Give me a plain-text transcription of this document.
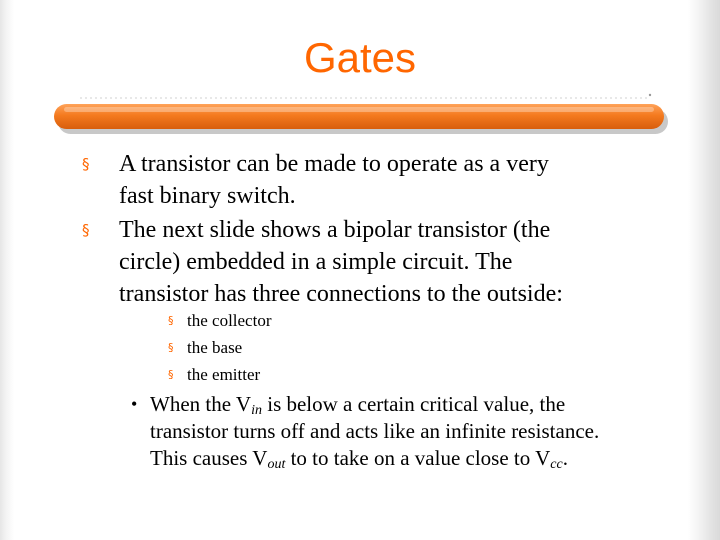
Gates
§ A transistor can be made to operate as a very
fast binary switch.
§ The next slide shows a bipolar transistor (the
circle) embedded in a simple circuit. The
transistor has three connections to the outside:
§ the collector
§ the base
§ the emitter
• When the $V_{in}$ is below a certain critical value, the
transistor turns off and acts like an infinite resistance.
This causes $V_{out}$ to to take on a value close to $V_{cc}$.
